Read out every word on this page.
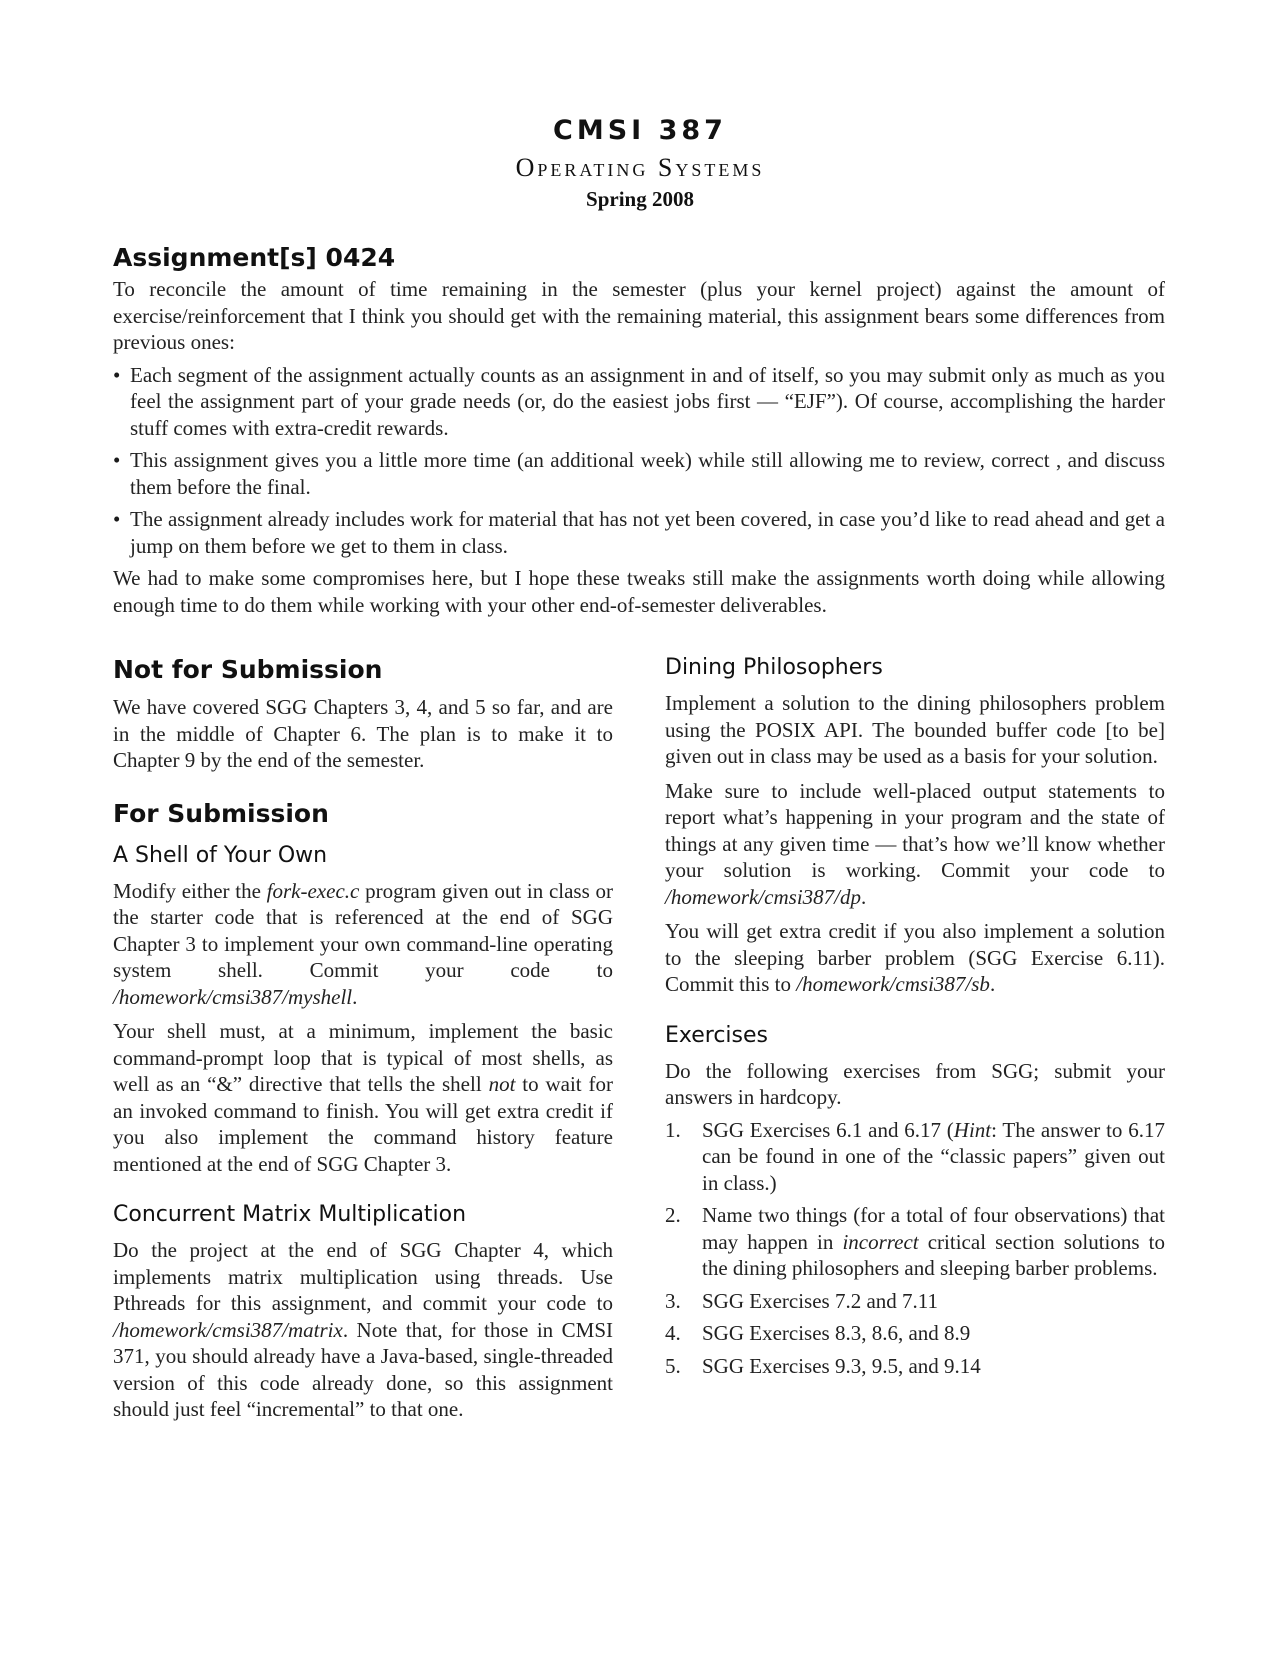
CMSI 387
Operating Systems
Spring 2008
Assignment[s] 0424

To reconcile the amount of time remaining in the semester (plus your kernel project) against the amount of exercise/reinforcement that I think you should get with the remaining material, this assignment bears some differences from previous ones:

• Each segment of the assignment actually counts as an assignment in and of itself, so you may submit only as much as you feel the assignment part of your grade needs (or, do the easiest jobs first — “EJF”). Of course, accomplishing the harder stuff comes with extra-credit rewards.

• This assignment gives you a little more time (an additional week) while still allowing me to review, correct , and discuss them before the final.

• The assignment already includes work for material that has not yet been covered, in case you’d like to read ahead and get a jump on them before we get to them in class.

We had to make some compromises here, but I hope these tweaks still make the assignments worth doing while allowing enough time to do them while working with your other end-of-semester deliverables.

Not for Submission

We have covered SGG Chapters 3, 4, and 5 so far, and are in the middle of Chapter 6. The plan is to make it to Chapter 9 by the end of the semester.

For Submission
A Shell of Your Own

Modify either the fork-exec.c program given out in class or the starter code that is referenced at the end of SGG Chapter 3 to implement your own command-line operating system shell. Commit your code to /homework/cmsi387/myshell.

Your shell must, at a minimum, implement the basic command-prompt loop that is typical of most shells, as well as an “&” directive that tells the shell not to wait for an invoked command to finish. You will get extra credit if you also implement the command history feature mentioned at the end of SGG Chapter 3.

Concurrent Matrix Multiplication

Do the project at the end of SGG Chapter 4, which implements matrix multiplication using threads. Use Pthreads for this assignment, and commit your code to /homework/cmsi387/matrix. Note that, for those in CMSI 371, you should already have a Java-based, single-threaded version of this code already done, so this assignment should just feel “incremental” to that one.

Dining Philosophers

Implement a solution to the dining philosophers problem using the POSIX API. The bounded buffer code [to be] given out in class may be used as a basis for your solution.

Make sure to include well-placed output statements to report what’s happening in your program and the state of things at any given time — that’s how we’ll know whether your solution is working. Commit your code to /homework/cmsi387/dp.

You will get extra credit if you also implement a solution to the sleeping barber problem (SGG Exercise 6.11). Commit this to /homework/cmsi387/sb.

Exercises

Do the following exercises from SGG; submit your answers in hardcopy.

1. SGG Exercises 6.1 and 6.17 (Hint: The answer to 6.17 can be found in one of the “classic papers” given out in class.)

2. Name two things (for a total of four observations) that may happen in incorrect critical section solutions to the dining philosophers and sleeping barber problems.

3. SGG Exercises 7.2 and 7.11

4. SGG Exercises 8.3, 8.6, and 8.9

5. SGG Exercises 9.3, 9.5, and 9.14
